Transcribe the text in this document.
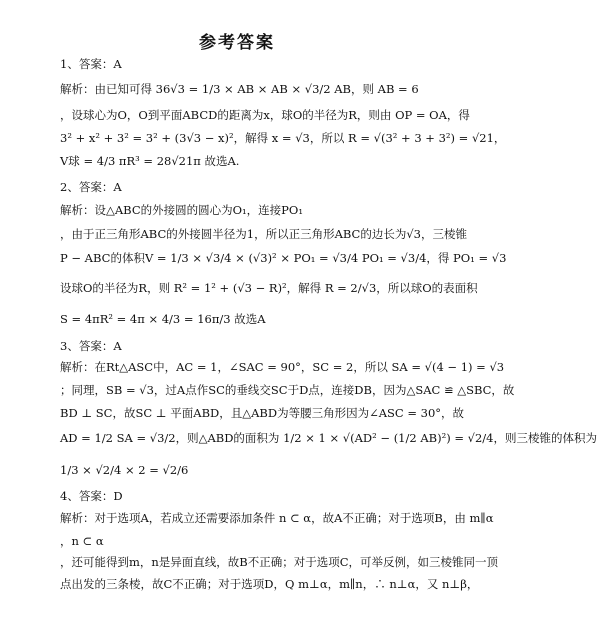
参考答案
1、答案：A
解析：由已知可得 36√3 = 1/3 × AB × AB × √3/2 AB，则 AB = 6
，设球心为O，O到平面ABCD的距离为x，球O的半径为R，则由 OP = OA，得
3² + x² + 3² = 3² + (3√3 − x)²，解得 x = √3，所以 R = √(3² + 3 + 3²) = √21，
V球 = 4/3 πR³ = 28√21π 故选A.
2、答案：A
解析：设△ABC的外接圆的圆心为O₁，连接PO₁
，由于正三角形ABC的外接圆半径为1，所以正三角形ABC的边长为√3，三棱锥
P − ABC的体积V = 1/3 × √3/4 × (√3)² × PO₁ = √3/4 PO₁ = √3/4，得 PO₁ = √3
设球O的半径为R，则 R² = 1² + (√3 − R)²，解得 R = 2/√3，所以球O的表面积
S = 4πR² = 4π × 4/3 = 16π/3 故选A
3、答案：A
解析：在Rt△ASC中，AC = 1，∠SAC = 90°，SC = 2，所以 SA = √(4 − 1) = √3
；同理，SB = √3，过A点作SC的垂线交SC于D点，连接DB，因为△SAC ≌ △SBC，故
BD ⊥ SC，故SC ⊥ 平面ABD，且△ABD为等腰三角形因为∠ASC = 30°，故
AD = 1/2 SA = √3/2，则△ABD的面积为 1/2 × 1 × √(AD² − (1/2 AB)²) = √2/4，则三棱锥的体积为
1/3 × √2/4 × 2 = √2/6
4、答案：D
解析：对于选项A，若成立还需要添加条件 n ⊂ α，故A不正确；对于选项B，由 m∥α
，n ⊂ α
，还可能得到m，n是异面直线，故B不正确；对于选项C，可举反例，如三棱锥同一顶
点出发的三条棱，故C不正确；对于选项D，Q m⊥α，m∥n，∴ n⊥α，又 n⊥β，
